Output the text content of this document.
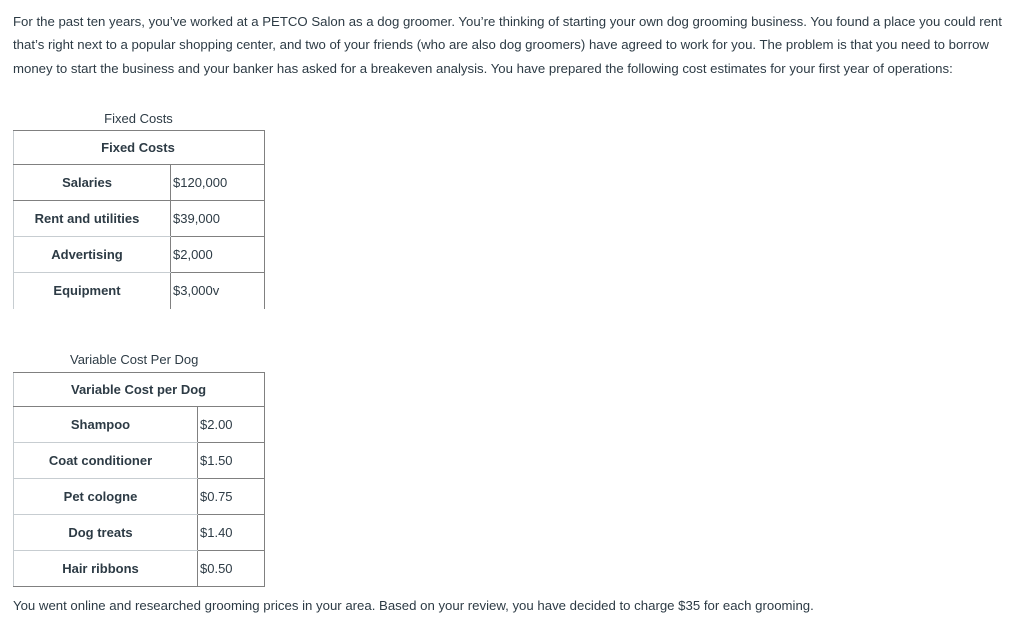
For the past ten years, you’ve worked at a PETCO Salon as a dog groomer. You’re thinking of starting your own dog grooming business. You found a place you could rent that’s right next to a popular shopping center, and two of your friends (who are also dog groomers) have agreed to work for you. The problem is that you need to borrow money to start the business and your banker has asked for a breakeven analysis. You have prepared the following cost estimates for your first year of operations:

Fixed Costs
Fixed Costs	
Salaries	$120,000
Rent and utilities	$39,000
Advertising	$2,000
Equipment	$3,000v
Variable Cost Per Dog
Variable Cost per Dog	
Shampoo	$2.00
Coat conditioner	$1.50
Pet cologne	$0.75
Dog treats	$1.40
Hair ribbons	$0.50

You went online and researched grooming prices in your area. Based on your review, you have decided to charge $35 for each grooming.
